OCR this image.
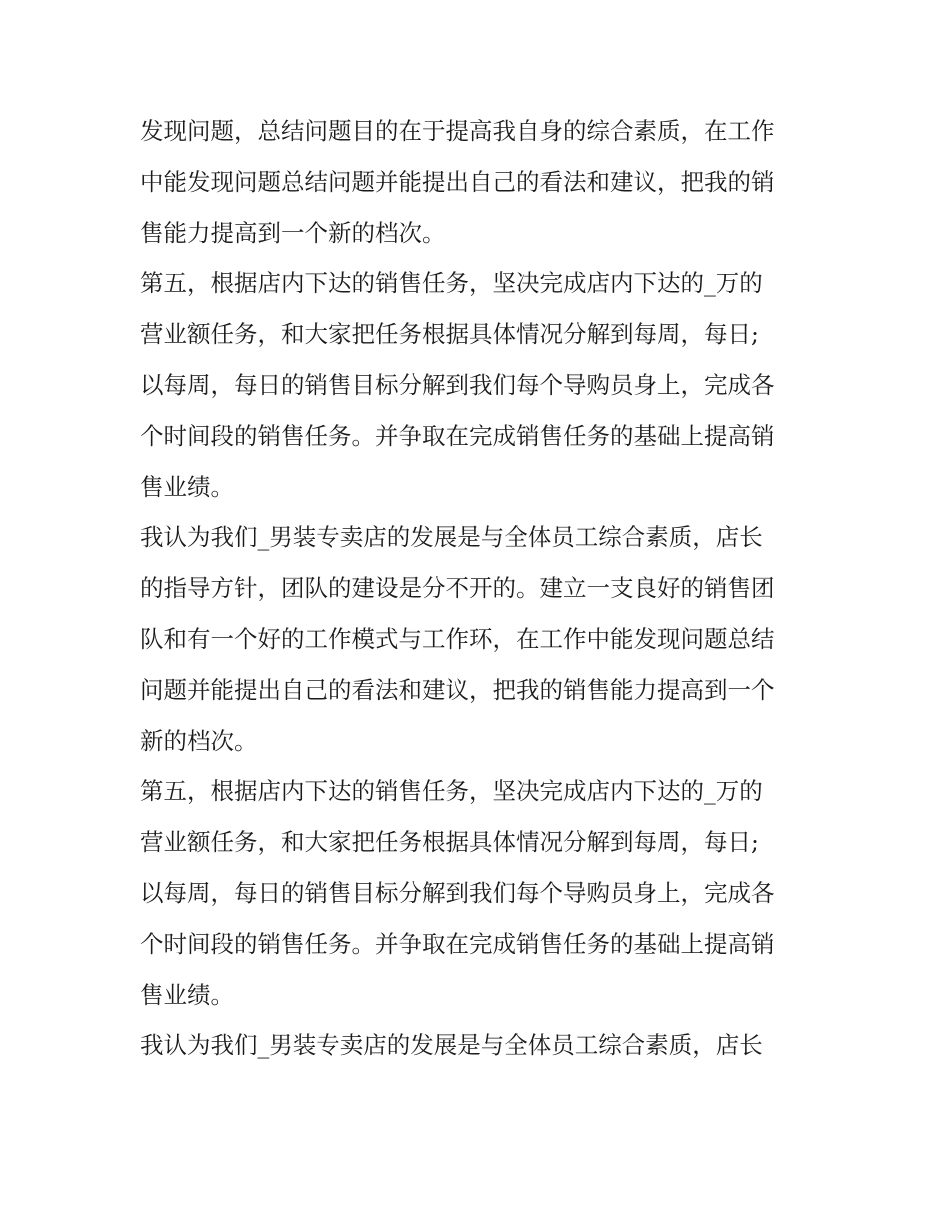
发现问题，总结问题目的在于提高我自身的综合素质，在工作
中能发现问题总结问题并能提出自己的看法和建议，把我的销
售能力提高到一个新的档次。
第五，根据店内下达的销售任务，坚决完成店内下达的_万的
营业额任务，和大家把任务根据具体情况分解到每周，每日;
以每周，每日的销售目标分解到我们每个导购员身上，完成各
个时间段的销售任务。并争取在完成销售任务的基础上提高销
售业绩。
我认为我们_男装专卖店的发展是与全体员工综合素质，店长
的指导方针，团队的建设是分不开的。建立一支良好的销售团
队和有一个好的工作模式与工作环，在工作中能发现问题总结
问题并能提出自己的看法和建议，把我的销售能力提高到一个
新的档次。
第五，根据店内下达的销售任务，坚决完成店内下达的_万的
营业额任务，和大家把任务根据具体情况分解到每周，每日;
以每周，每日的销售目标分解到我们每个导购员身上，完成各
个时间段的销售任务。并争取在完成销售任务的基础上提高销
售业绩。
我认为我们_男装专卖店的发展是与全体员工综合素质，店长
